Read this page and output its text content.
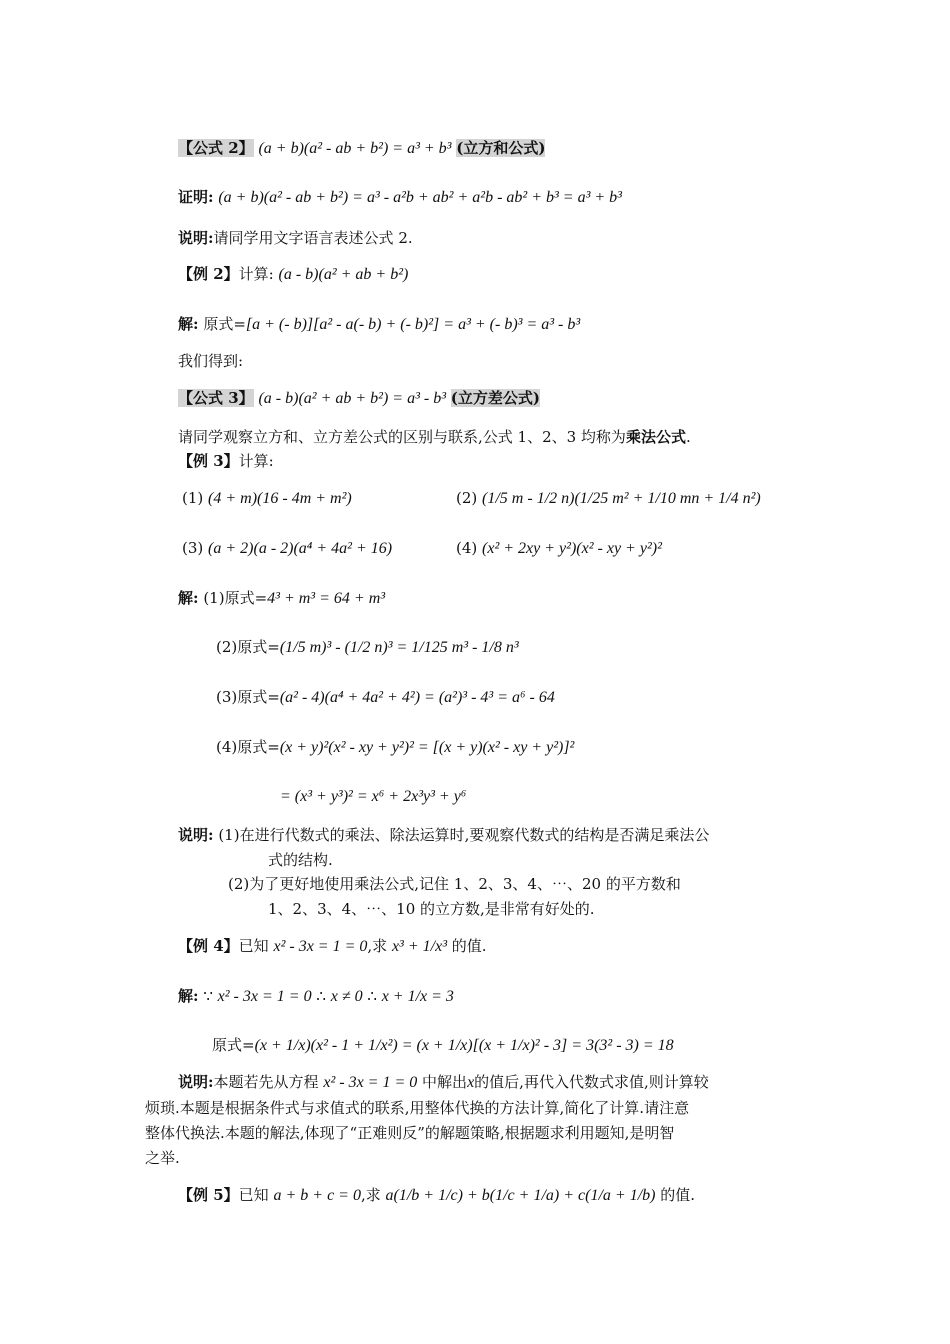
【公式 2】 (a + b)(a² - ab + b²) = a³ + b³ (立方和公式)
证明: (a + b)(a² - ab + b²) = a³ - a²b + ab² + a²b - ab² + b³ = a³ + b³
说明:请同学用文字语言表述公式 2.
【例 2】计算: (a - b)(a² + ab + b²)
解: 原式=[a + (- b)][a² - a(- b) + (- b)²] = a³ + (- b)³ = a³ - b³
我们得到:
【公式 3】 (a - b)(a² + ab + b²) = a³ - b³ (立方差公式)
请同学观察立方和、立方差公式的区别与联系,公式 1、2、3 均称为乘法公式.
【例 3】计算:
(1) (4 + m)(16 - 4m + m²)	(2) (1/5 m - 1/2 n)(1/25 m² + 1/10 mn + 1/4 n²)
(3) (a + 2)(a - 2)(a⁴ + 4a² + 16)	(4) (x² + 2xy + y²)(x² - xy + y²)²
解: (1)原式=4³ + m³ = 64 + m³
(2)原式=(1/5 m)³ - (1/2 n)³ = 1/125 m³ - 1/8 n³
(3)原式=(a² - 4)(a⁴ + 4a² + 4²) = (a²)³ - 4³ = a⁶ - 64
(4)原式=(x + y)²(x² - xy + y²)² = [(x + y)(x² - xy + y²)]²
= (x³ + y³)² = x⁶ + 2x³y³ + y⁶
说明: (1)在进行代数式的乘法、除法运算时,要观察代数式的结构是否满足乘法公
式的结构.
(2)为了更好地使用乘法公式,记住 1、2、3、4、⋯、20 的平方数和
1、2、3、4、⋯、10 的立方数,是非常有好处的.
【例 4】已知 x² - 3x = 1 = 0,求 x³ + 1/x³ 的值.
解: ∵ x² - 3x = 1 = 0 ∴ x ≠ 0 ∴ x + 1/x = 3
原式=(x + 1/x)(x² - 1 + 1/x²) = (x + 1/x)[(x + 1/x)² - 3] = 3(3² - 3) = 18
说明:本题若先从方程 x² - 3x = 1 = 0 中解出x的值后,再代入代数式求值,则计算较
烦琐.本题是根据条件式与求值式的联系,用整体代换的方法计算,简化了计算.请注意
整体代换法.本题的解法,体现了“正难则反”的解题策略,根据题求利用题知,是明智
之举.
【例 5】已知 a + b + c = 0,求 a(1/b + 1/c) + b(1/c + 1/a) + c(1/a + 1/b) 的值.
